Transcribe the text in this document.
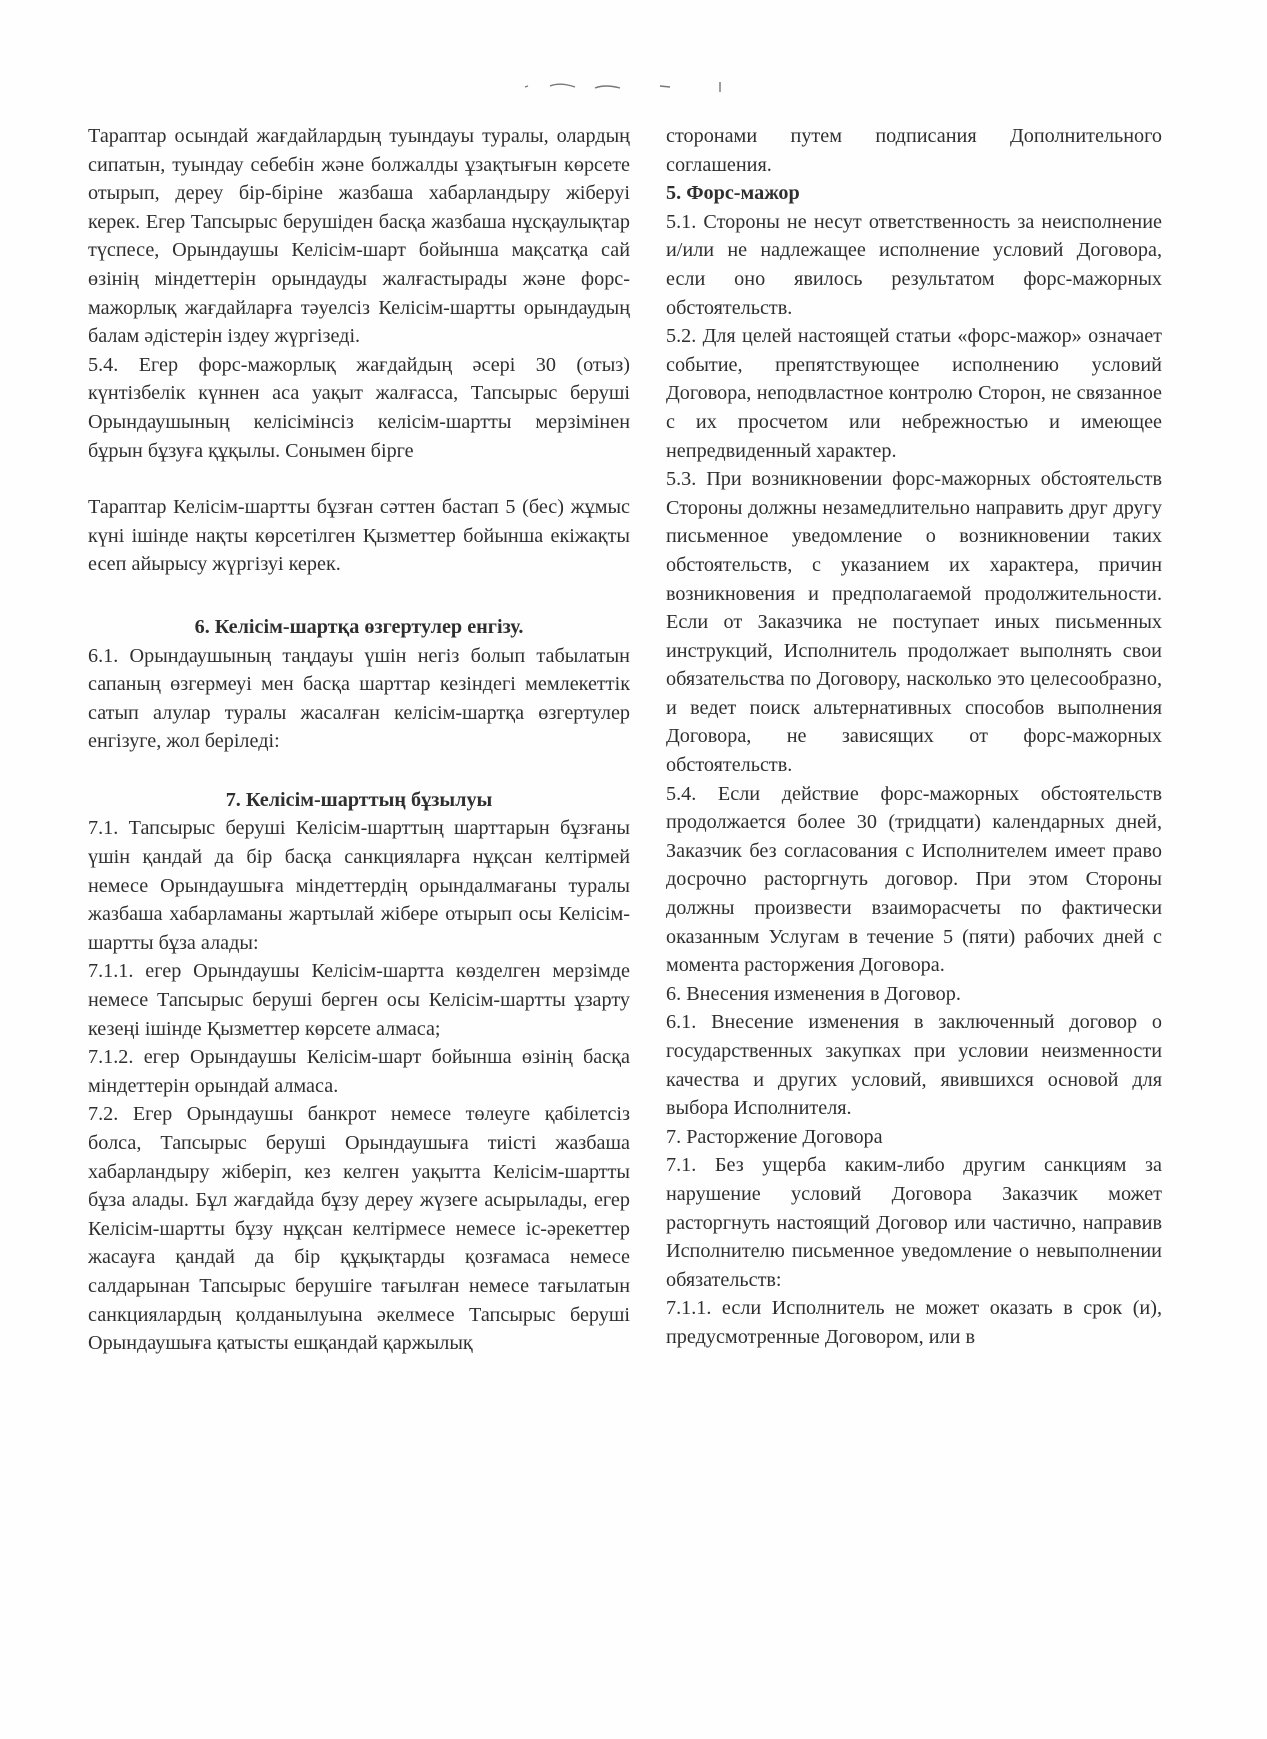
Тараптар осындай жағдайлардың туындауы туралы, олардың сипатын, туындау себебін және болжалды ұзақтығын көрсете отырып, дереу бір-біріне жазбаша хабарландыру жіберуі керек. Егер Тапсырыс берушіден басқа жазбаша нұсқаулықтар түспесе, Орындаушы Келісім-шарт бойынша мақсатқа сай өзінің міндеттерін орындауды жалғастырады және форс-мажорлық жағдайларға тәуелсіз Келісім-шартты орындаудың балам әдістерін іздеу жүргізеді.

5.4. Егер форс-мажорлық жағдайдың әсері 30 (отыз) күнтізбелік күннен аса уақыт жалғасса, Тапсырыс беруші Орындаушының келісімінсіз келісім-шартты мерзімінен бұрын бұзуға құқылы. Сонымен бірге

Тараптар Келісім-шартты бұзған сәттен бастап 5 (бес) жұмыс күні ішінде нақты көрсетілген Қызметтер бойынша екіжақты есеп айырысу жүргізуі керек.

6. Келісім-шартқа өзгертулер енгізу.

6.1. Орындаушының таңдауы үшін негіз болып табылатын сапаның өзгермеуі мен басқа шарттар кезіндегі мемлекеттік сатып алулар туралы жасалған келісім-шартқа өзгертулер енгізуге, жол беріледі:

7. Келісім-шарттың бұзылуы

7.1. Тапсырыс беруші Келісім-шарттың шарттарын бұзғаны үшін қандай да бір басқа санкцияларға нұқсан келтірмей немесе Орындаушыға міндеттердің орындалмағаны туралы жазбаша хабарламаны жартылай жібере отырып осы Келісім-шартты бұза алады:

7.1.1. егер Орындаушы Келісім-шартта көзделген мерзімде немесе Тапсырыс беруші берген осы Келісім-шартты ұзарту кезеңі ішінде Қызметтер көрсете алмаса;

7.1.2. егер Орындаушы Келісім-шарт бойынша өзінің басқа міндеттерін орындай алмаса.

7.2. Егер Орындаушы банкрот немесе төлеуге қабілетсіз болса, Тапсырыс беруші Орындаушыға тиісті жазбаша хабарландыру жіберіп, кез келген уақытта Келісім-шартты бұза алады. Бұл жағдайда бұзу дереу жүзеге асырылады, егер Келісім-шартты бұзу нұқсан келтірмесе немесе іс-әрекеттер жасауға қандай да бір құқықтарды қозғамаса немесе салдарынан Тапсырыс берушіге тағылған немесе тағылатын санкциялардың қолданылуына әкелмесе Тапсырыс беруші Орындаушыға қатысты ешқандай қаржылық

сторонами путем подписания Дополнительного соглашения.

5. Форс-мажор

5.1. Стороны не несут ответственность за неисполнение и/или не надлежащее исполнение условий Договора, если оно явилось результатом форс-мажорных обстоятельств.

5.2. Для целей настоящей статьи «форс-мажор» означает событие, препятствующее исполнению условий Договора, неподвластное контролю Сторон, не связанное с их просчетом или небрежностью и имеющее непредвиденный характер.

5.3. При возникновении форс-мажорных обстоятельств Стороны должны незамедлительно направить друг другу письменное уведомление о возникновении таких обстоятельств, с указанием их характера, причин возникновения и предполагаемой продолжительности. Если от Заказчика не поступает иных письменных инструкций, Исполнитель продолжает выполнять свои обязательства по Договору, насколько это целесообразно, и ведет поиск альтернативных способов выполнения Договора, не зависящих от форс-мажорных обстоятельств.

5.4. Если действие форс-мажорных обстоятельств продолжается более 30 (тридцати) календарных дней, Заказчик без согласования с Исполнителем имеет право досрочно расторгнуть договор. При этом Стороны должны произвести взаиморасчеты по фактически оказанным Услугам в течение 5 (пяти) рабочих дней с момента расторжения Договора.

6. Внесения изменения в Договор.

6.1. Внесение изменения в заключенный договор о государственных закупках при условии неизменности качества и других условий, явившихся основой для выбора Исполнителя.

7. Расторжение Договора

7.1. Без ущерба каким-либо другим санкциям за нарушение условий Договора Заказчик может расторгнуть настоящий Договор или частично, направив Исполнителю письменное уведомление о невыполнении обязательств:

7.1.1. если Исполнитель не может оказать в срок (и), предусмотренные Договором, или в
